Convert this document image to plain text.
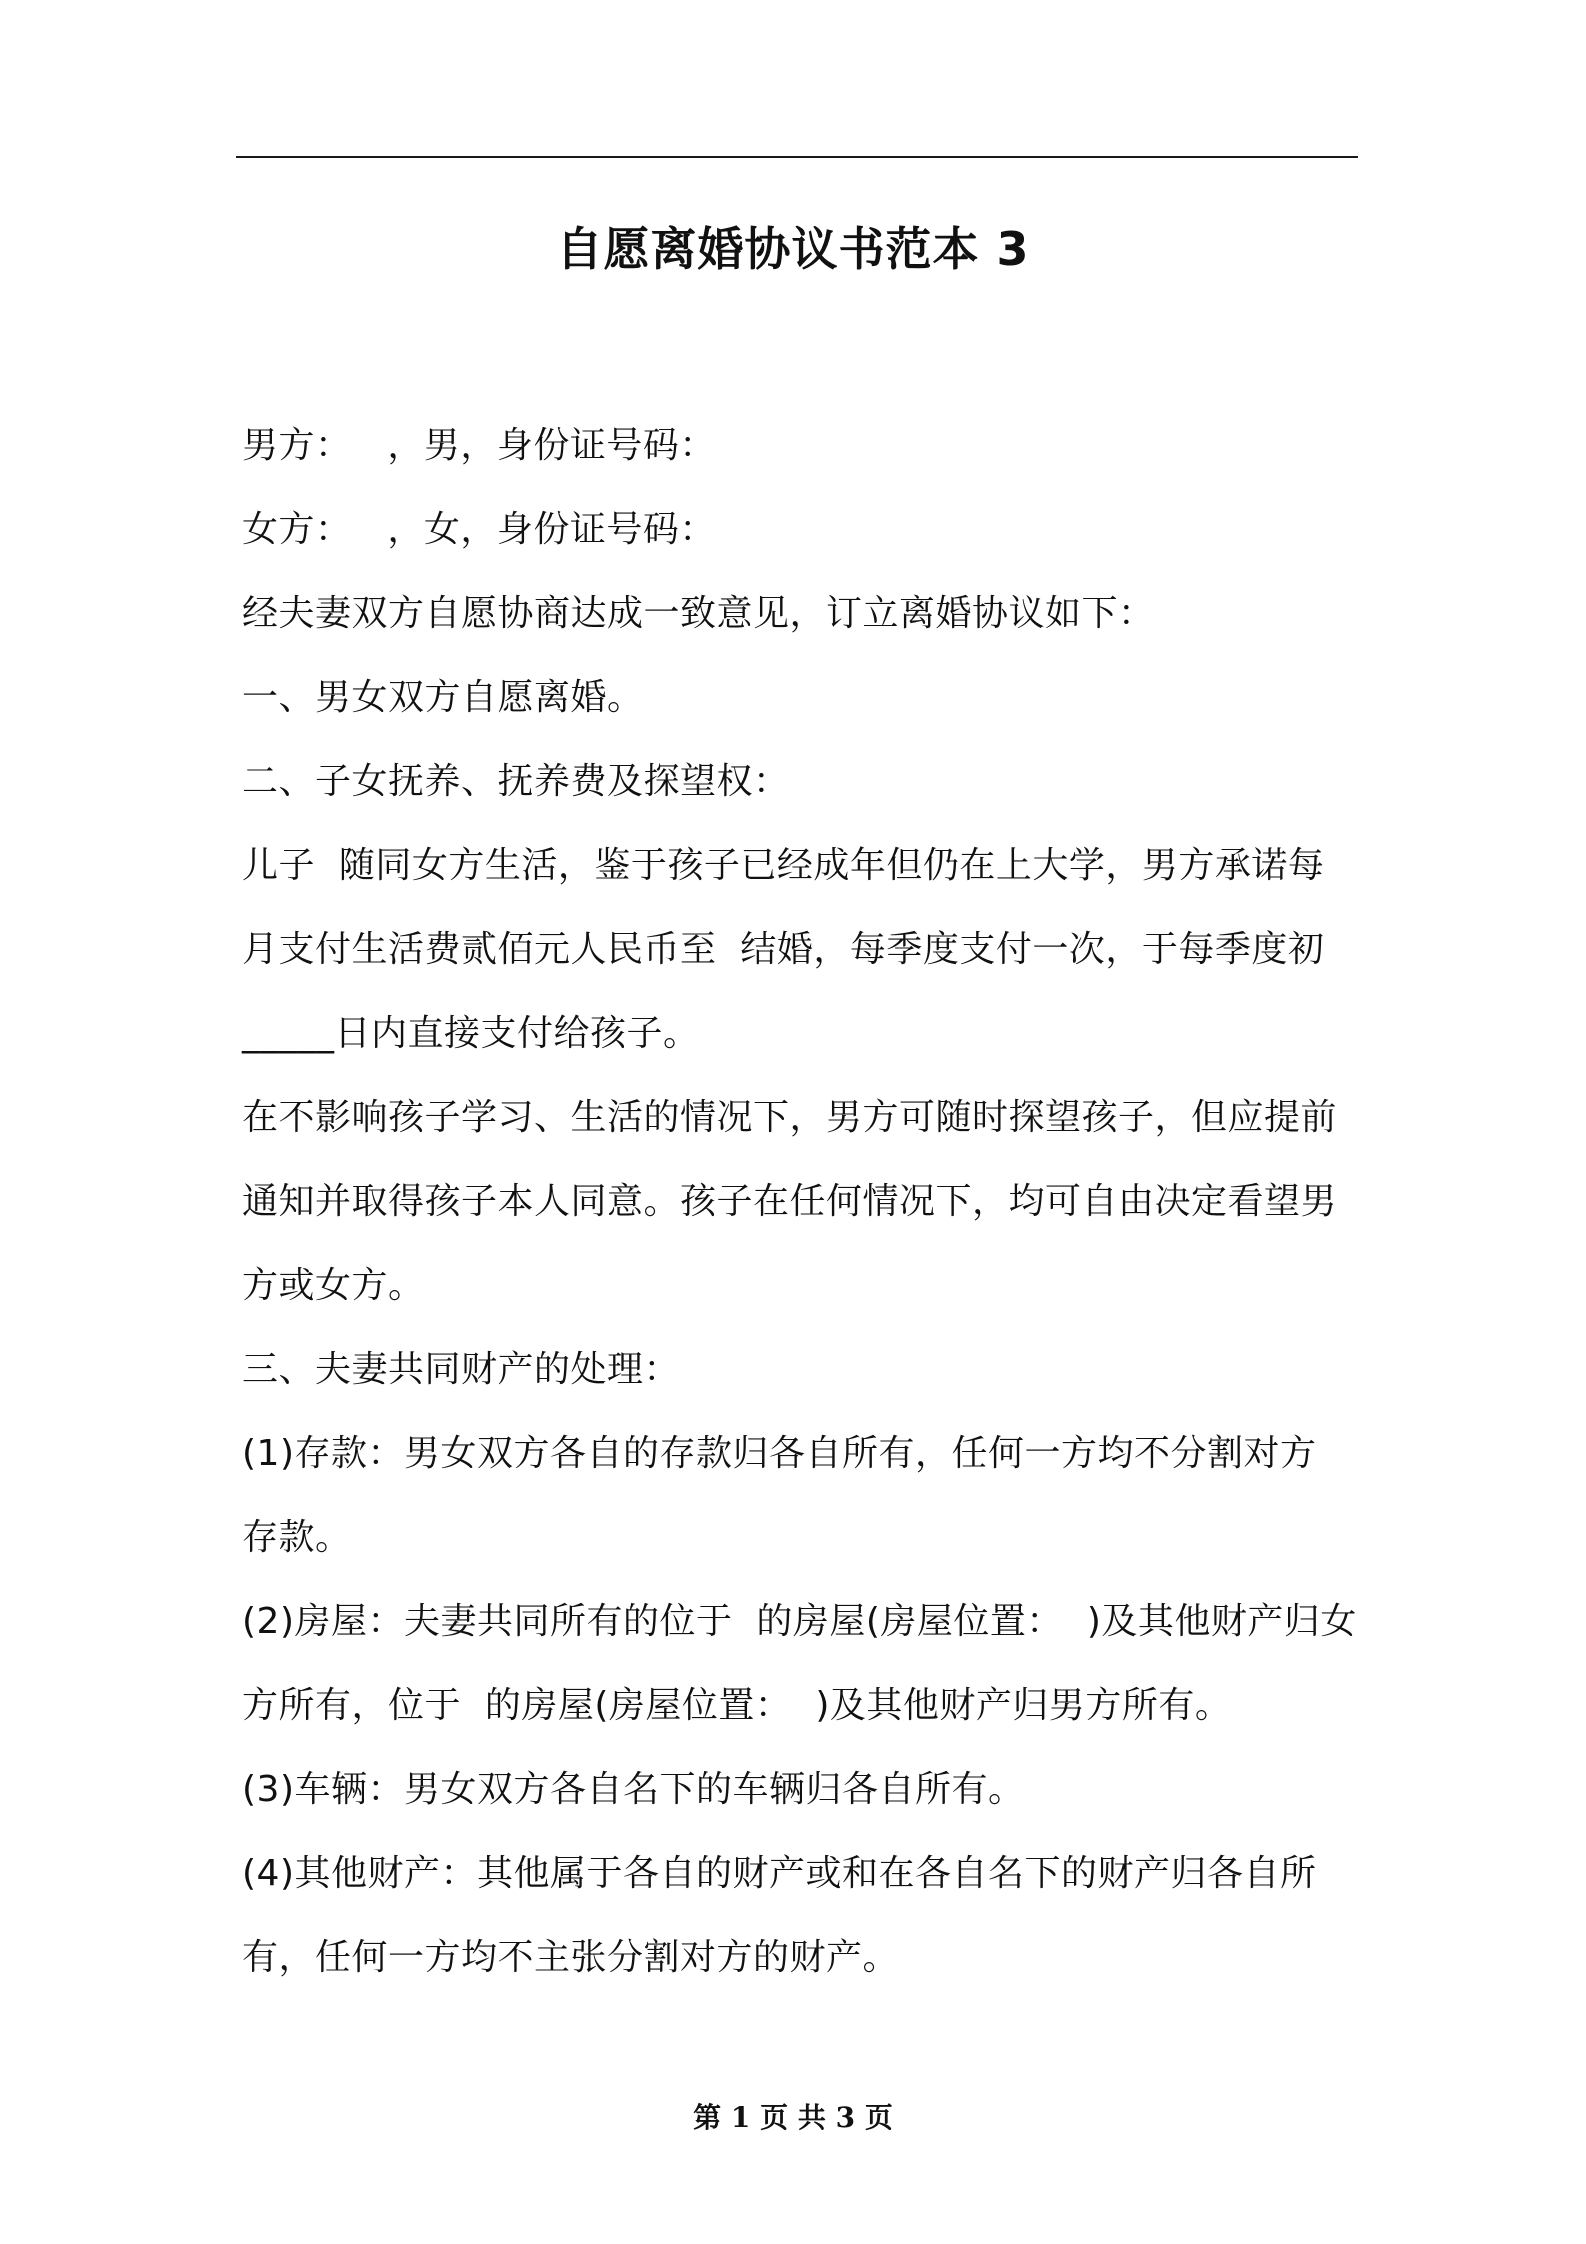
自愿离婚协议书范本 3
男方：   ，男，身份证号码：
女方：   ，女，身份证号码：
经夫妻双方自愿协商达成一致意见，订立离婚协议如下：
一、男女双方自愿离婚。
二、子女抚养、抚养费及探望权：
儿子  随同女方生活，鉴于孩子已经成年但仍在上大学，男方承诺每
月支付生活费贰佰元人民币至  结婚，每季度支付一次，于每季度初
_____日内直接支付给孩子。
在不影响孩子学习、生活的情况下，男方可随时探望孩子，但应提前
通知并取得孩子本人同意。孩子在任何情况下，均可自由决定看望男
方或女方。
三、夫妻共同财产的处理：
(1)存款：男女双方各自的存款归各自所有，任何一方均不分割对方
存款。
(2)房屋：夫妻共同所有的位于  的房屋(房屋位置：  )及其他财产归女
方所有，位于  的房屋(房屋位置：  )及其他财产归男方所有。
(3)车辆：男女双方各自名下的车辆归各自所有。
(4)其他财产：其他属于各自的财产或和在各自名下的财产归各自所
有，任何一方均不主张分割对方的财产。
第 1 页 共 3 页
